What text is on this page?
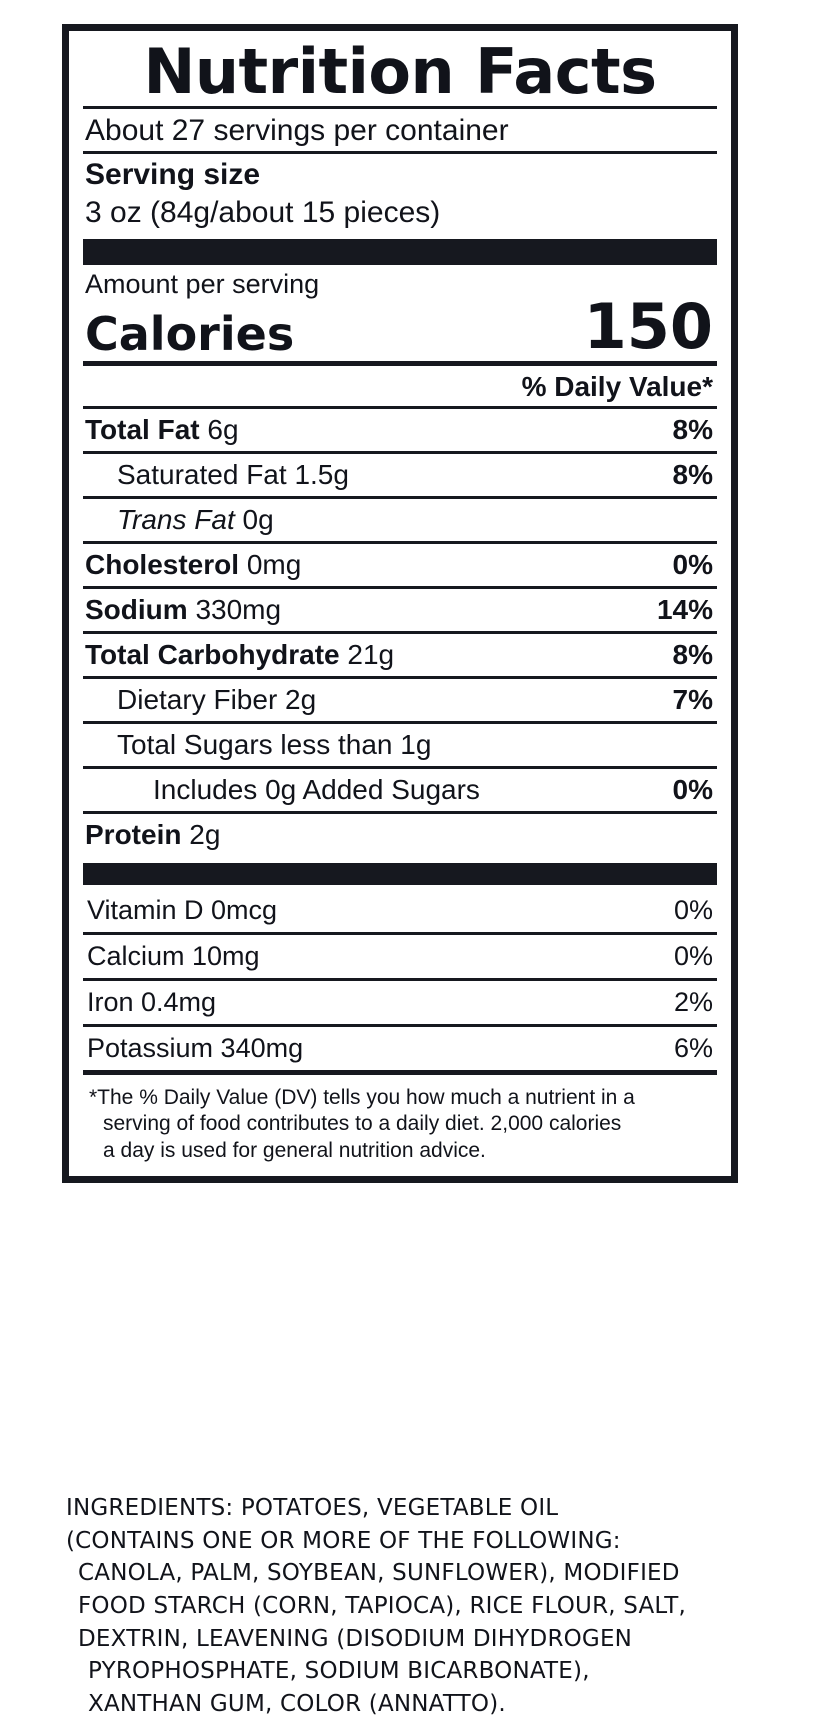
Nutrition Facts
About 27 servings per container
Serving size
3 oz (84g/about 15 pieces)
Amount per serving
Calories	150
% Daily Value*
Total Fat 6g	8%
Saturated Fat 1.5g	8%
Trans Fat 0g
Cholesterol 0mg	0%
Sodium 330mg	14%
Total Carbohydrate 21g	8%
Dietary Fiber 2g	7%
Total Sugars less than 1g
Includes 0g Added Sugars	0%
Protein 2g
Vitamin D 0mcg	0%
Calcium 10mg	0%
Iron 0.4mg	2%
Potassium 340mg	6%

*The % Daily Value (DV) tells you how much a nutrient in a

serving of food contributes to a daily diet. 2,000 calories

a day is used for general nutrition advice.

INGREDIENTS: POTATOES, VEGETABLE OIL
(CONTAINS ONE OR MORE OF THE FOLLOWING:
CANOLA, PALM, SOYBEAN, SUNFLOWER), MODIFIED
FOOD STARCH (CORN, TAPIOCA), RICE FLOUR, SALT,
DEXTRIN, LEAVENING (DISODIUM DIHYDROGEN
PYROPHOSPHATE, SODIUM BICARBONATE),
XANTHAN GUM, COLOR (ANNATTO).
